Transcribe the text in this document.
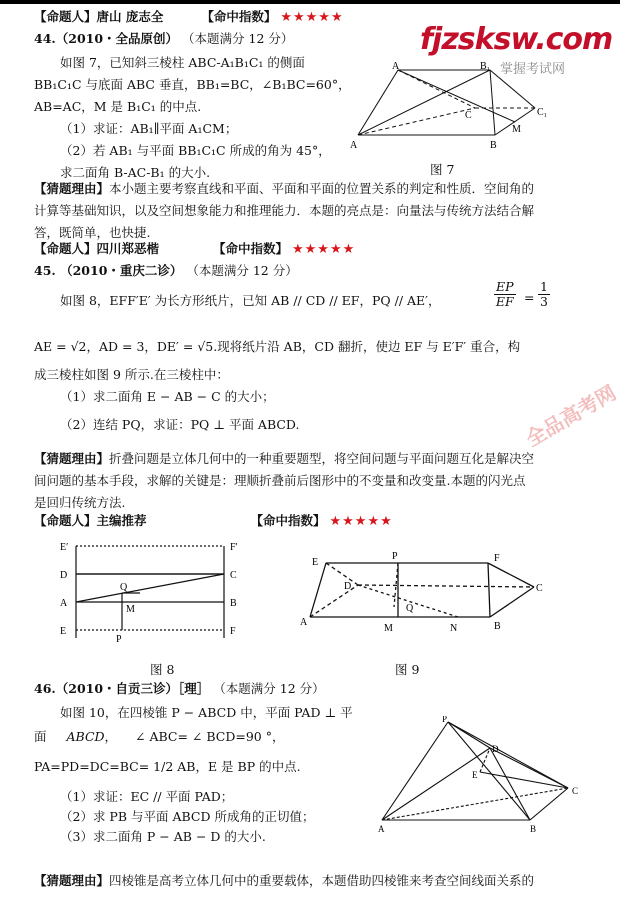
【命题人】唐山 庞志全	【命中指数】 ★★★★★
fjzsksw.com
掌握考试网
44.（2010・全品原创） （本题满分 12 分）
如图 7，已知斜三棱柱 ABC-A₁B₁C₁ 的侧面
BB₁C₁C 与底面 ABC 垂直，BB₁=BC，∠B₁BC=60°，
AB=AC，M 是 B₁C₁ 的中点.
（1）求证：AB₁∥平面 A₁CM；
（2）若 AB₁ 与平面 BB₁C₁C 所成的角为 45°，
求二面角 B-AC-B₁ 的大小.
A	B₁
C₁
A	B
C
M
图 7
【猜题理由】本小题主要考察直线和平面、平面和平面的位置关系的判定和性质．空间角的
计算等基础知识，以及空间想象能力和推理能力．本题的亮点是：向量法与传统方法结合解
答，既简单，也快捷.
【命题人】四川郑恶楷	【命中指数】 ★★★★★
45. （2010・重庆二诊） （本题满分 12 分）
如图 8，EFF′E′ 为长方形纸片，已知 AB // CD // EF，PQ // AE′，	$\frac{EP}{EF} = \frac{1}{3}$
AE = √2，AD = 3，DE′ = √5.现将纸片沿 AB，CD 翻折，使边 EF 与 E′F′ 重合，构
成三棱柱如图 9 所示.在三棱柱中：
（1）求二面角 E − AB − C 的大小；
（2）连结 PQ，求证：PQ ⊥ 平面 ABCD.	全品高考网
【猜题理由】折叠问题是立体几何中的一种重要题型，将空间问题与平面问题互化是解决空
间问题的基本手段，求解的关键是：理顺折叠前后图形中的不变量和改变量.本题的闪光点
是回归传统方法.
【命题人】主编推荐	【命中指数】 ★★★★★
E′	F′
D	C
A	B
E	F
Q
M
P
图 8
E	F
P
D	C
A	B
M	N
Q
图 9
46.（2010・自贡三诊）［理］ （本题满分 12 分）
如图 10，在四棱锥 P − ABCD 中，平面 PAD ⊥ 平
面 ABCD， ∠ ABC= ∠ BCD=90 °，
PA=PD=DC=BC= 1/2 AB，E 是 BP 的中点.
（1）求证：EC // 平面 PAD；
（2）求 PB 与平面 ABCD 所成角的正切值；
（3）求二面角 P − AB − D 的大小.
P
D
E
C
A	B
【猜题理由】四棱锥是高考立体几何中的重要载体，本题借助四棱锥来考查空间线面关系的
